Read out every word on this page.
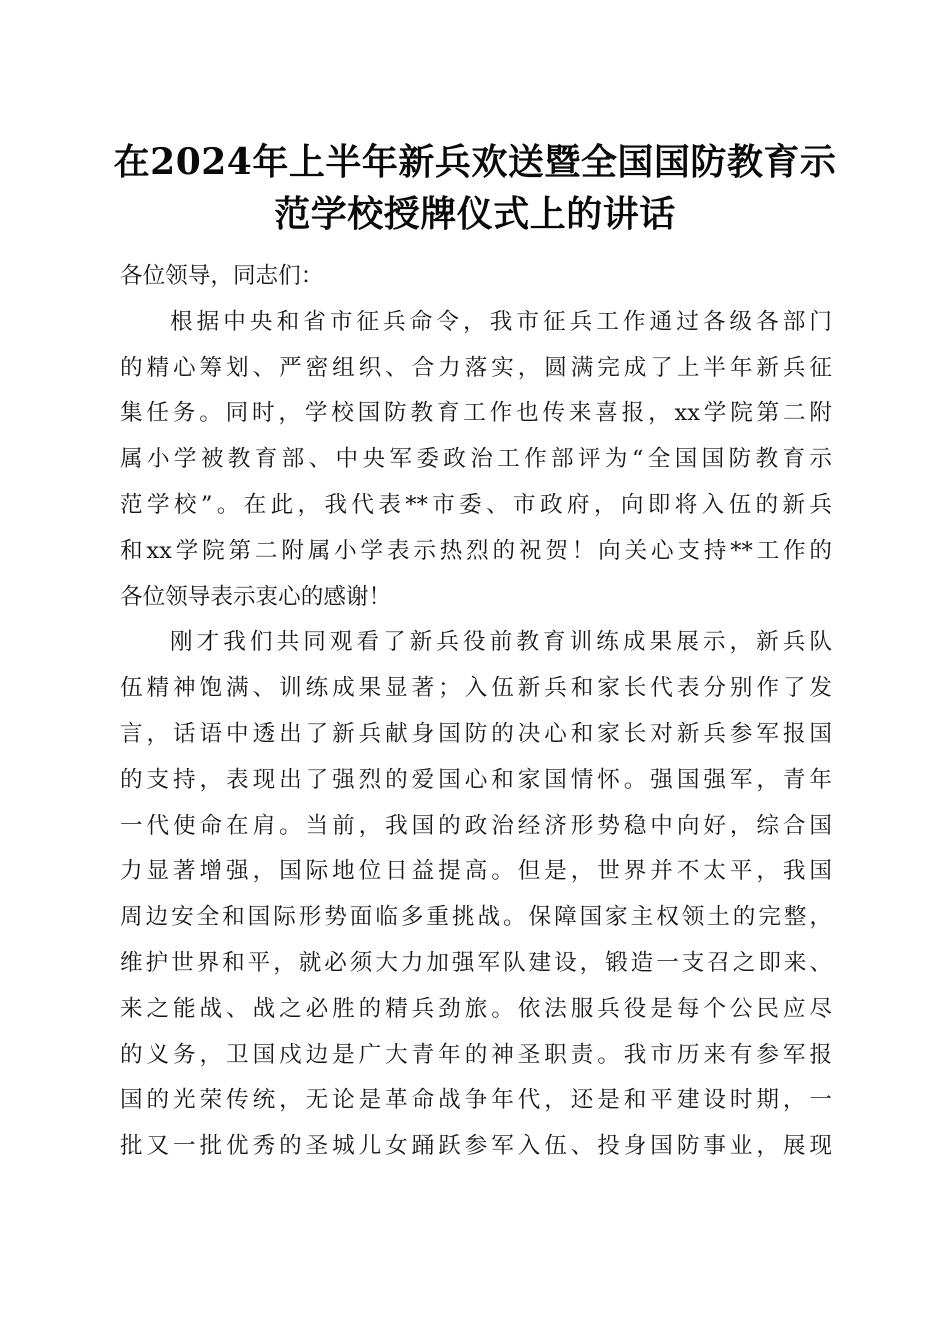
在2024年上半年新兵欢送暨全国国防教育示
范学校授牌仪式上的讲话
各位领导，同志们：
根据中央和省市征兵命令，我市征兵工作通过各级各部门
的精心筹划、严密组织、合力落实，圆满完成了上半年新兵征
集任务。同时，学校国防教育工作也传来喜报，xx学院第二附
属小学被教育部、中央军委政治工作部评为“全国国防教育示
范学校”。在此，我代表**市委、市政府，向即将入伍的新兵
和xx学院第二附属小学表示热烈的祝贺！向关心支持**工作的
各位领导表示衷心的感谢！
刚才我们共同观看了新兵役前教育训练成果展示，新兵队
伍精神饱满、训练成果显著；入伍新兵和家长代表分别作了发
言，话语中透出了新兵献身国防的决心和家长对新兵参军报国
的支持，表现出了强烈的爱国心和家国情怀。强国强军，青年
一代使命在肩。当前，我国的政治经济形势稳中向好，综合国
力显著增强，国际地位日益提高。但是，世界并不太平，我国
周边安全和国际形势面临多重挑战。保障国家主权领土的完整，
维护世界和平，就必须大力加强军队建设，锻造一支召之即来、
来之能战、战之必胜的精兵劲旅。依法服兵役是每个公民应尽
的义务，卫国戍边是广大青年的神圣职责。我市历来有参军报
国的光荣传统，无论是革命战争年代，还是和平建设时期，一
批又一批优秀的圣城儿女踊跃参军入伍、投身国防事业，展现
